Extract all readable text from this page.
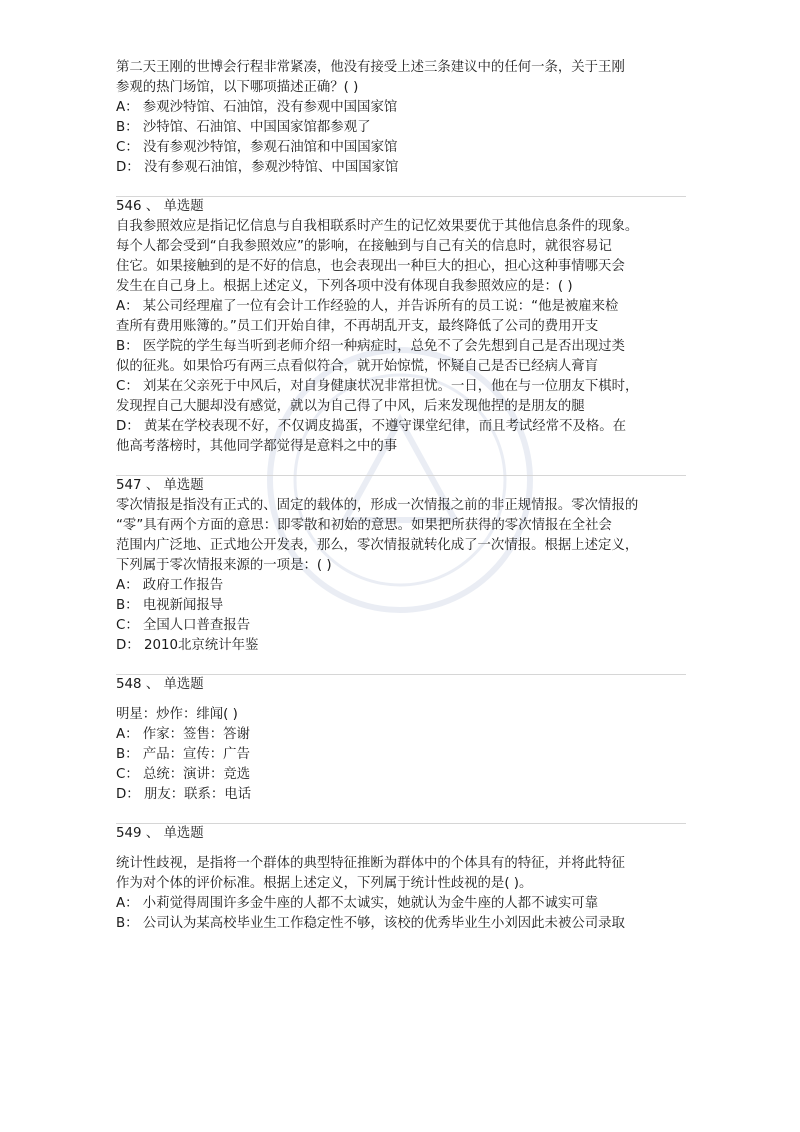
第二天王刚的世博会行程非常紧凑，他没有接受上述三条建议中的任何一条，关于王刚

参观的热门场馆，以下哪项描述正确？( )

A： 参观沙特馆、石油馆，没有参观中国国家馆

B： 沙特馆、石油馆、中国国家馆都参观了

C： 没有参观沙特馆，参观石油馆和中国国家馆

D： 没有参观石油馆，参观沙特馆、中国国家馆

546 、 单选题

自我参照效应是指记忆信息与自我相联系时产生的记忆效果要优于其他信息条件的现象。

每个人都会受到“自我参照效应”的影响，在接触到与自己有关的信息时，就很容易记

住它。如果接触到的是不好的信息，也会表现出一种巨大的担心，担心这种事情哪天会

发生在自己身上。根据上述定义，下列各项中没有体现自我参照效应的是：( )

A： 某公司经理雇了一位有会计工作经验的人，并告诉所有的员工说：“他是被雇来检

查所有费用账簿的。”员工们开始自律，不再胡乱开支，最终降低了公司的费用开支

B： 医学院的学生每当听到老师介绍一种病症时，总免不了会先想到自己是否出现过类

似的征兆。如果恰巧有两三点看似符合，就开始惊慌，怀疑自己是否已经病人膏肓

C： 刘某在父亲死于中风后，对自身健康状况非常担忧。一日，他在与一位朋友下棋时，

发现捏自己大腿却没有感觉，就以为自己得了中风，后来发现他捏的是朋友的腿

D： 黄某在学校表现不好，不仅调皮捣蛋，不遵守课堂纪律，而且考试经常不及格。在

他高考落榜时，其他同学都觉得是意料之中的事

547 、 单选题

零次情报是指没有正式的、固定的载体的，形成一次情报之前的非正规情报。零次情报的

“零”具有两个方面的意思：即零散和初始的意思。如果把所获得的零次情报在全社会

范围内广泛地、正式地公开发表，那么，零次情报就转化成了一次情报。根据上述定义，

下列属于零次情报来源的一项是：( )

A： 政府工作报告

B： 电视新闻报导

C： 全国人口普查报告

D： 2010北京统计年鉴

548 、 单选题

明星：炒作：绯闻( )

A： 作家：签售：答谢

B： 产品：宣传：广告

C： 总统：演讲：竞选

D： 朋友：联系：电话

549 、 单选题

统计性歧视，是指将一个群体的典型特征推断为群体中的个体具有的特征，并将此特征

作为对个体的评价标准。根据上述定义，下列属于统计性歧视的是( )。

A： 小莉觉得周围许多金牛座的人都不太诚实，她就认为金牛座的人都不诚实可靠

B： 公司认为某高校毕业生工作稳定性不够，该校的优秀毕业生小刘因此未被公司录取
